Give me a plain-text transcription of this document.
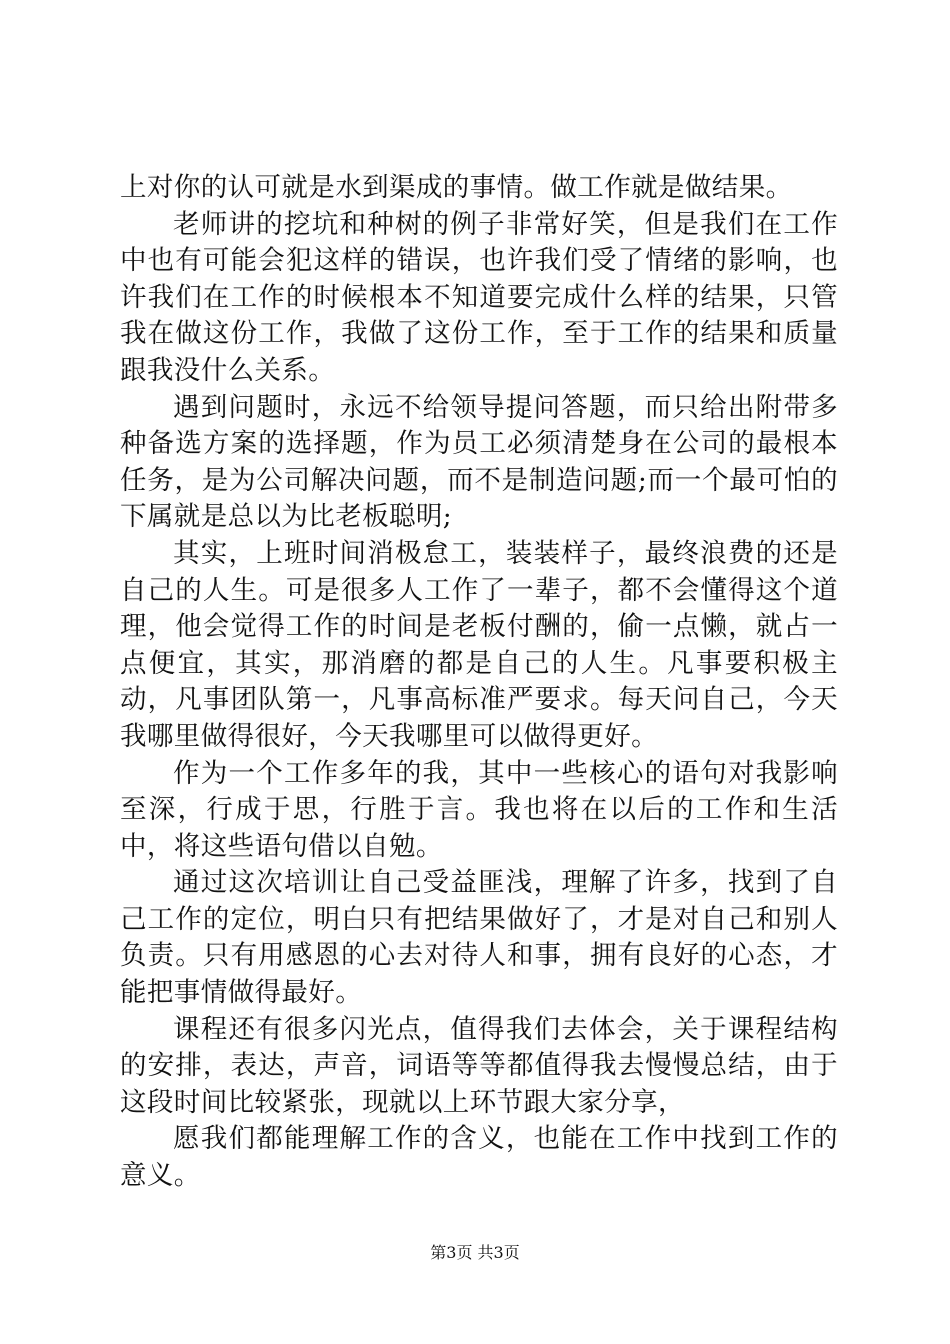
上对你的认可就是水到渠成的事情。做工作就是做结果。

老师讲的挖坑和种树的例子非常好笑，但是我们在工作中也有可能会犯这样的错误，也许我们受了情绪的影响，也许我们在工作的时候根本不知道要完成什么样的结果，只管我在做这份工作，我做了这份工作，至于工作的结果和质量跟我没什么关系。

遇到问题时，永远不给领导提问答题，而只给出附带多种备选方案的选择题，作为员工必须清楚身在公司的最根本任务，是为公司解决问题，而不是制造问题;而一个最可怕的下属就是总以为比老板聪明;

其实，上班时间消极怠工，装装样子，最终浪费的还是自己的人生。可是很多人工作了一辈子，都不会懂得这个道理，他会觉得工作的时间是老板付酬的，偷一点懒，就占一点便宜，其实，那消磨的都是自己的人生。凡事要积极主动，凡事团队第一，凡事高标准严要求。每天问自己，今天我哪里做得很好，今天我哪里可以做得更好。

作为一个工作多年的我，其中一些核心的语句对我影响至深，行成于思，行胜于言。我也将在以后的工作和生活中，将这些语句借以自勉。

通过这次培训让自己受益匪浅，理解了许多，找到了自己工作的定位，明白只有把结果做好了，才是对自己和别人负责。只有用感恩的心去对待人和事，拥有良好的心态，才能把事情做得最好。

课程还有很多闪光点，值得我们去体会，关于课程结构的安排，表达，声音，词语等等都值得我去慢慢总结，由于这段时间比较紧张，现就以上环节跟大家分享，

愿我们都能理解工作的含义，也能在工作中找到工作的意义。

第3页 共3页
